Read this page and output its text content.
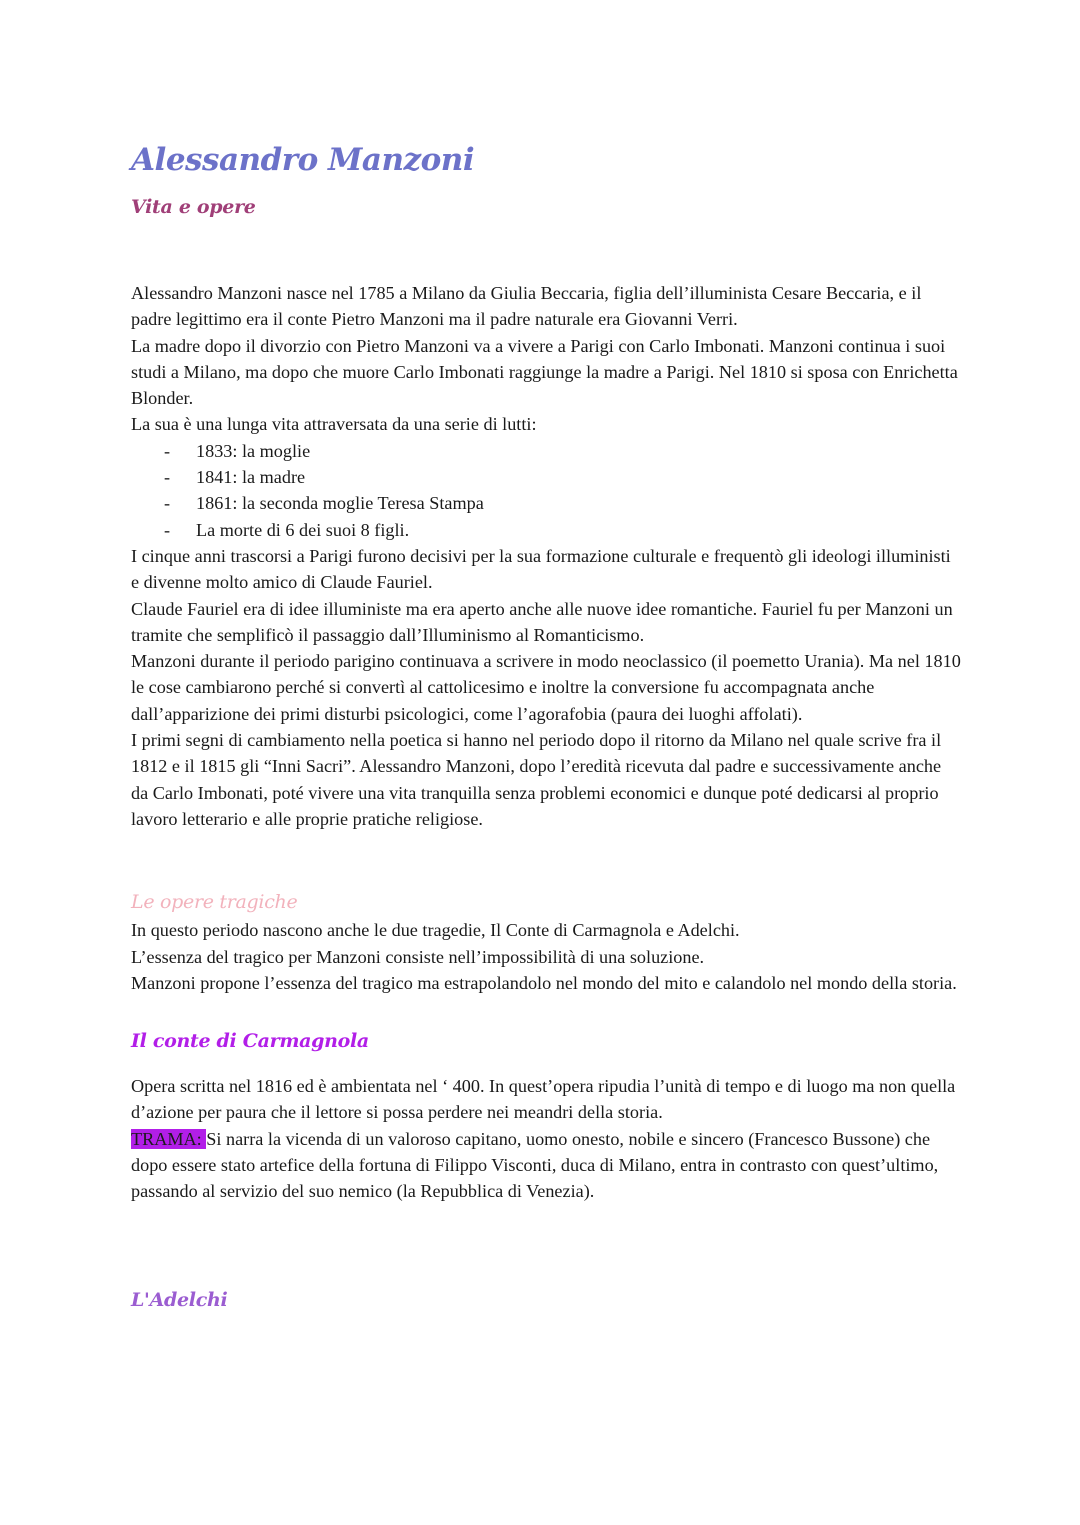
Alessandro Manzoni
Vita e opere

Alessandro Manzoni nasce nel 1785 a Milano da Giulia Beccaria, figlia dell’illuminista Cesare Beccaria, e il padre legittimo era il conte Pietro Manzoni ma il padre naturale era Giovanni Verri.

La madre dopo il divorzio con Pietro Manzoni va a vivere a Parigi con Carlo Imbonati. Manzoni continua i suoi studi a Milano, ma dopo che muore Carlo Imbonati raggiunge la madre a Parigi. Nel 1810 si sposa con Enrichetta Blonder.

La sua è una lunga vita attraversata da una serie di lutti:

- 1833: la moglie
- 1841: la madre
- 1861: la seconda moglie Teresa Stampa
- La morte di 6 dei suoi 8 figli.

I cinque anni trascorsi a Parigi furono decisivi per la sua formazione culturale e frequentò gli ideologi illuministi e divenne molto amico di Claude Fauriel.

Claude Fauriel era di idee illuministe ma era aperto anche alle nuove idee romantiche. Fauriel fu per Manzoni un tramite che semplificò il passaggio dall’Illuminismo al Romanticismo.

Manzoni durante il periodo parigino continuava a scrivere in modo neoclassico (il poemetto Urania). Ma nel 1810 le cose cambiarono perché si convertì al cattolicesimo e inoltre la conversione fu accompagnata anche dall’apparizione dei primi disturbi psicologici, come l’agorafobia (paura dei luoghi affolati).

I primi segni di cambiamento nella poetica si hanno nel periodo dopo il ritorno da Milano nel quale scrive fra il 1812 e il 1815 gli “Inni Sacri”. Alessandro Manzoni, dopo l’eredità ricevuta dal padre e successivamente anche da Carlo Imbonati, poté vivere una vita tranquilla senza problemi economici e dunque poté dedicarsi al proprio lavoro letterario e alle proprie pratiche religiose.

Le opere tragiche

In questo periodo nascono anche le due tragedie, Il Conte di Carmagnola e Adelchi.

L’essenza del tragico per Manzoni consiste nell’impossibilità di una soluzione.

Manzoni propone l’essenza del tragico ma estrapolandolo nel mondo del mito e calandolo nel mondo della storia.

Il conte di Carmagnola

Opera scritta nel 1816 ed è ambientata nel ‘ 400. In quest’opera ripudia l’unità di tempo e di luogo ma non quella d’azione per paura che il lettore si possa perdere nei meandri della storia.

TRAMA: Si narra la vicenda di un valoroso capitano, uomo onesto, nobile e sincero (Francesco Bussone) che dopo essere stato artefice della fortuna di Filippo Visconti, duca di Milano, entra in contrasto con quest’ultimo, passando al servizio del suo nemico (la Repubblica di Venezia).

L'Adelchi
